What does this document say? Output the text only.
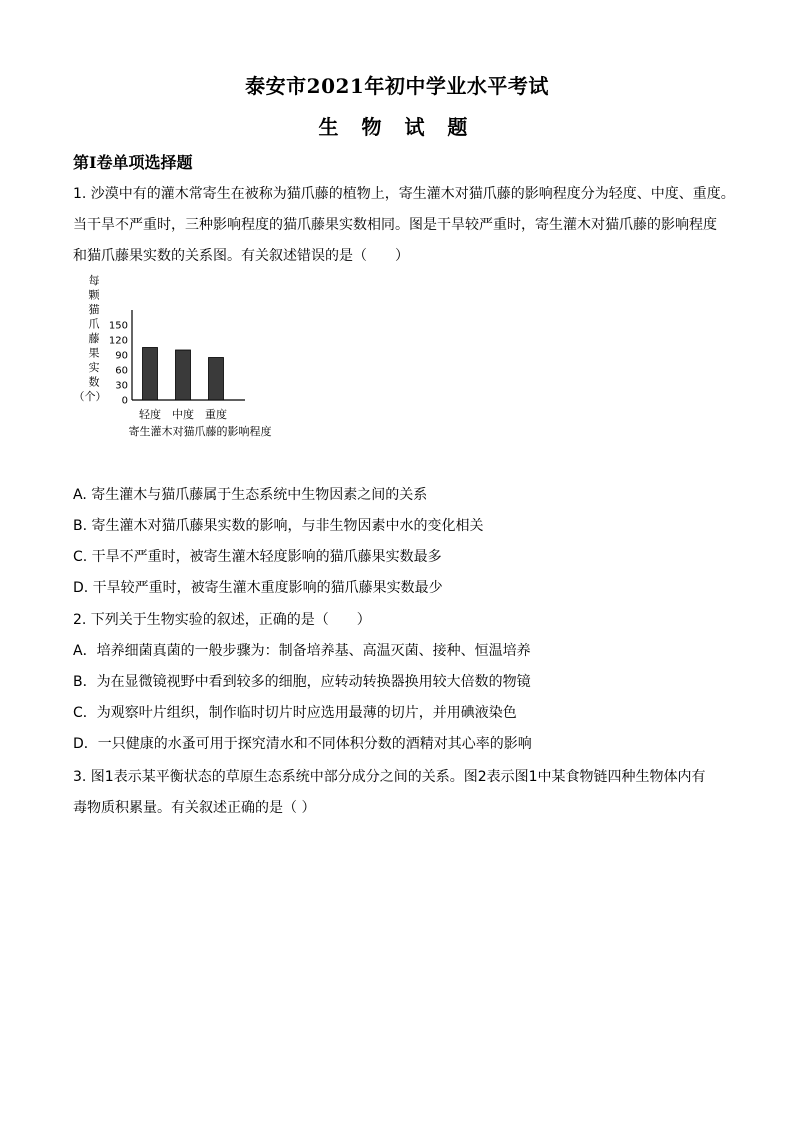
泰安市2021年初中学业水平考试
生 物 试 题
第I卷单项选择题
1. 沙漠中有的灌木常寄生在被称为猫爪藤的植物上，寄生灌木对猫爪藤的影响程度分为轻度、中度、重度。
当干旱不严重时，三种影响程度的猫爪藤果实数相同。图是干旱较严重时，寄生灌木对猫爪藤的影响程度
和猫爪藤果实数的关系图。有关叙述错误的是（　　）
每
颗
猫
爪
藤
果
实
数
（个） 0
30
60
90
120
150
轻度 中度 重度
寄生灌木对猫爪藤的影响程度
A. 寄生灌木与猫爪藤属于生态系统中生物因素之间的关系
B. 寄生灌木对猫爪藤果实数的影响，与非生物因素中水的变化相关
C. 干旱不严重时，被寄生灌木轻度影响的猫爪藤果实数最多
D. 干旱较严重时，被寄生灌木重度影响的猫爪藤果实数最少
2. 下列关于生物实验的叙述，正确的是（　　）
A．培养细菌真菌的一般步骤为：制备培养基、高温灭菌、接种、恒温培养
B．为在显微镜视野中看到较多的细胞，应转动转换器换用较大倍数的物镜
C．为观察叶片组织，制作临时切片时应选用最薄的切片，并用碘液染色
D．一只健康的水蚤可用于探究清水和不同体积分数的酒精对其心率的影响
3. 图1表示某平衡状态的草原生态系统中部分成分之间的关系。图2表示图1中某食物链四种生物体内有
毒物质积累量。有关叙述正确的是（ ）
